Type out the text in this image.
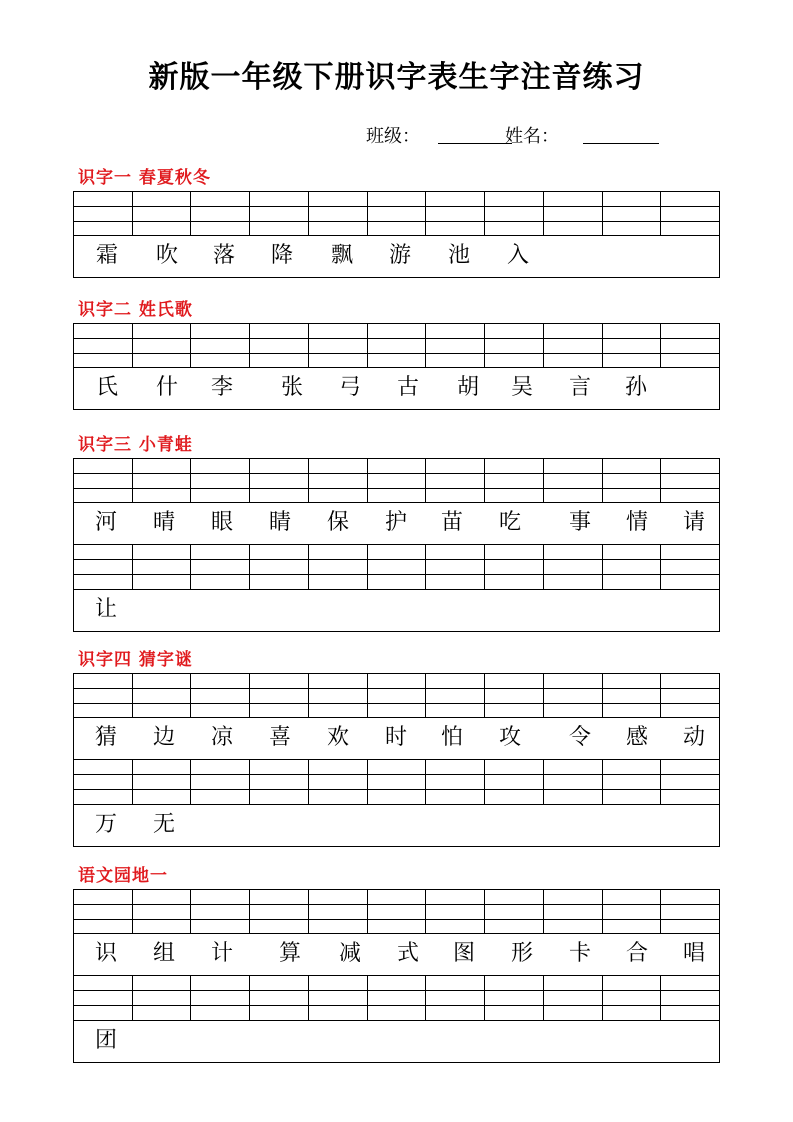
新版一年级下册识字表生字注音练习
班级：	姓名：
霜 吹 落 降 飘 游 池 入
氏 什 李 张 弓 古 胡 吴 言 孙
河 晴 眼 睛 保 护 苗 吃 事 情 请
让
猜 边 凉 喜 欢 时 怕 攻 令 感 动
万 无
识 组 计 算 减 式 图 形 卡 合 唱
团
识字一 春夏秋冬
识字二 姓氏歌
识字三 小青蛙
识字四 猜字谜
语文园地一
